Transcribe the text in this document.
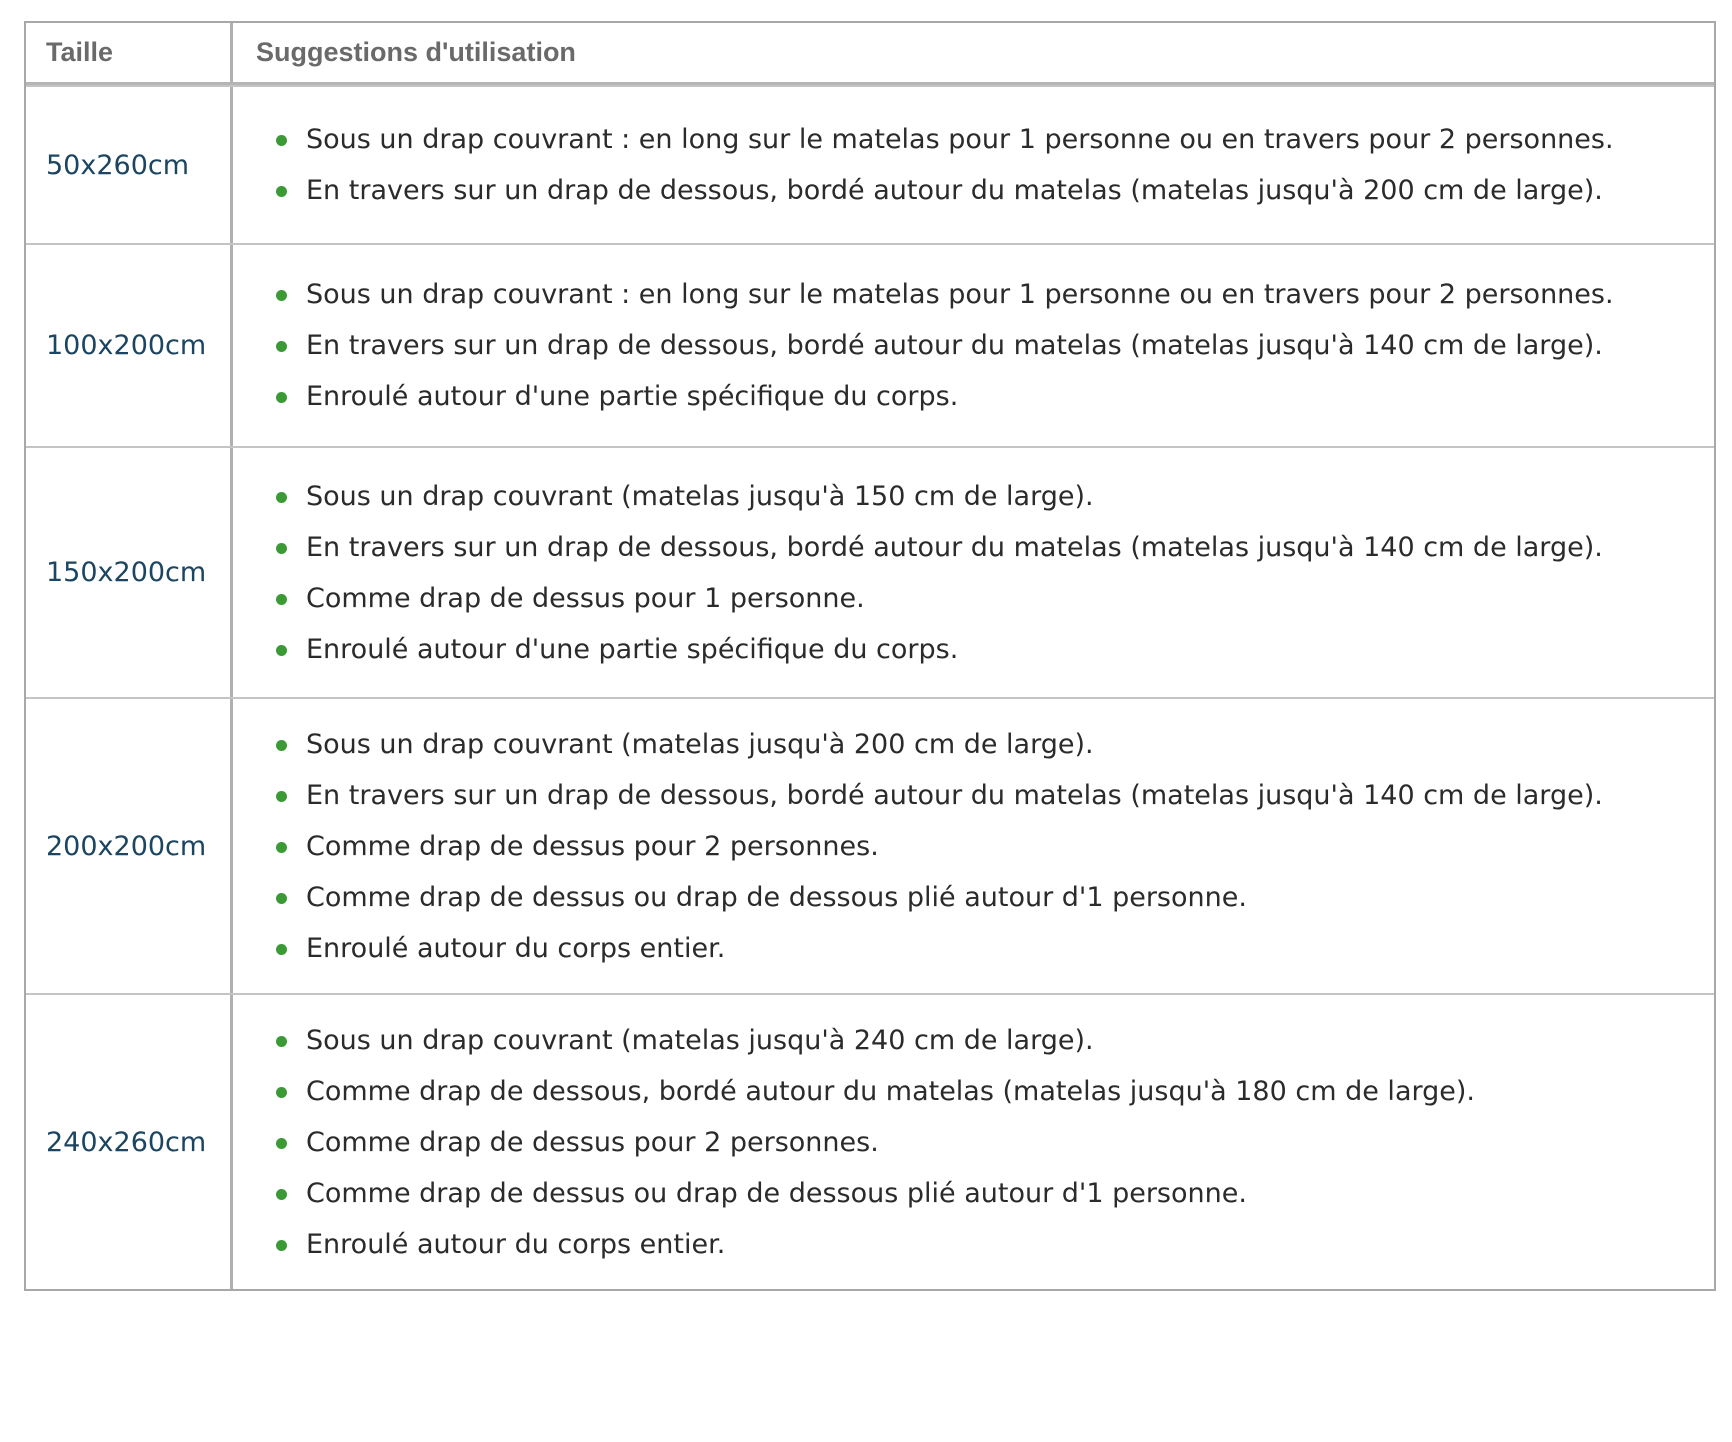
Taille	Suggestions d'utilisation
50x260cm
Sous un drap couvrant : en long sur le matelas pour 1 personne ou en travers pour 2 personnes.
En travers sur un drap de dessous, bordé autour du matelas (matelas jusqu'à 200 cm de large).
100x200cm
Sous un drap couvrant : en long sur le matelas pour 1 personne ou en travers pour 2 personnes.
En travers sur un drap de dessous, bordé autour du matelas (matelas jusqu'à 140 cm de large).
Enroulé autour d'une partie spécifique du corps.
150x200cm
Sous un drap couvrant (matelas jusqu'à 150 cm de large).
En travers sur un drap de dessous, bordé autour du matelas (matelas jusqu'à 140 cm de large).
Comme drap de dessus pour 1 personne.
Enroulé autour d'une partie spécifique du corps.
200x200cm
Sous un drap couvrant (matelas jusqu'à 200 cm de large).
En travers sur un drap de dessous, bordé autour du matelas (matelas jusqu'à 140 cm de large).
Comme drap de dessus pour 2 personnes.
Comme drap de dessus ou drap de dessous plié autour d'1 personne.
Enroulé autour du corps entier.
240x260cm
Sous un drap couvrant (matelas jusqu'à 240 cm de large).
Comme drap de dessous, bordé autour du matelas (matelas jusqu'à 180 cm de large).
Comme drap de dessus pour 2 personnes.
Comme drap de dessus ou drap de dessous plié autour d'1 personne.
Enroulé autour du corps entier.
